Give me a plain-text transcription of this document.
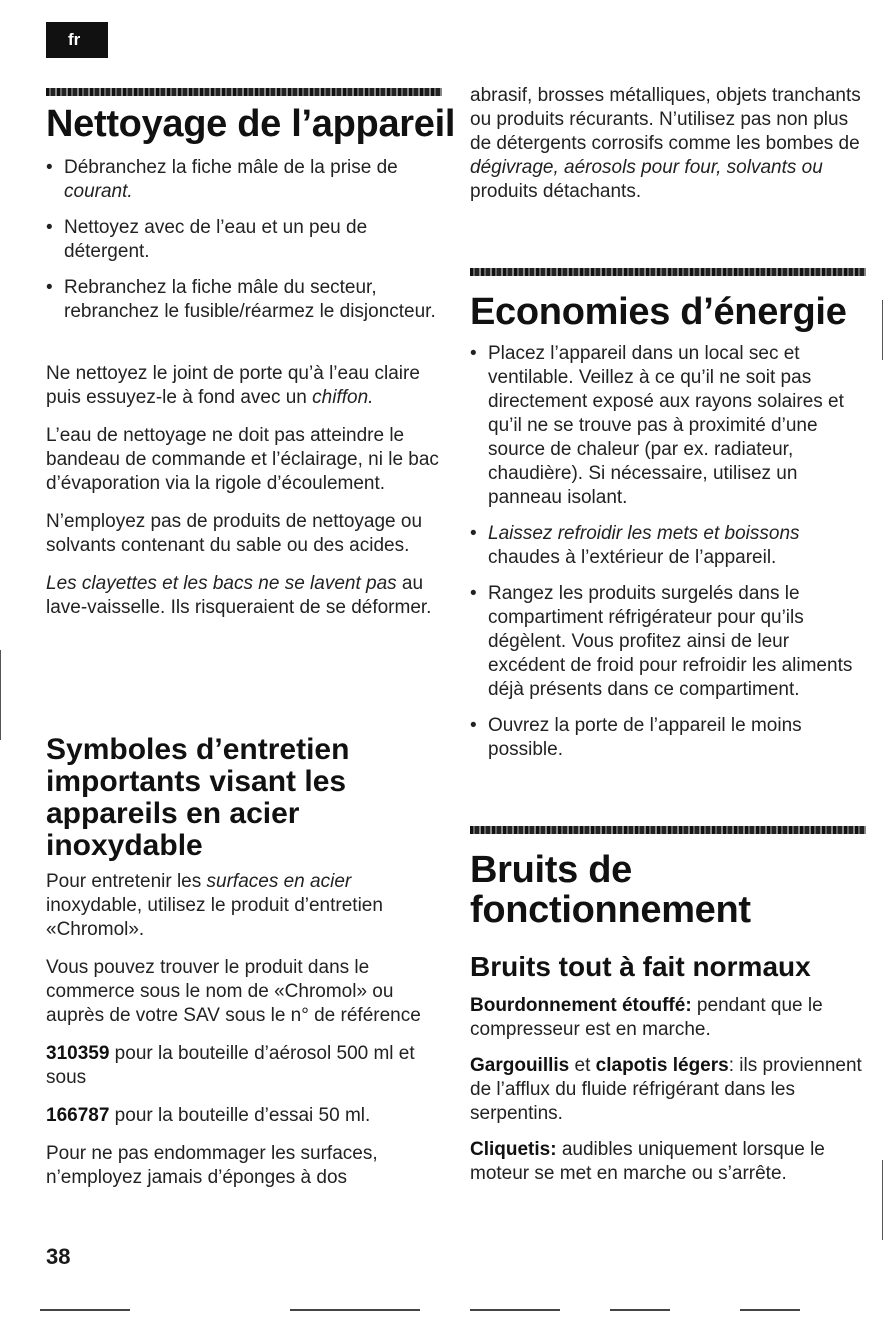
fr
Nettoyage de l’appareil

• Débranchez la fiche mâle de la prise de courant.

• Nettoyez avec de l’eau et un peu de détergent.

• Rebranchez la fiche mâle du secteur, rebranchez le fusible/réarmez le disjoncteur.

Ne nettoyez le joint de porte qu’à l’eau claire puis essuyez-le à fond avec un chiffon.

L’eau de nettoyage ne doit pas atteindre le bandeau de commande et l’éclairage, ni le bac d’évaporation via la rigole d’écoulement.

N’employez pas de produits de nettoyage ou solvants contenant du sable ou des acides.

Les clayettes et les bacs ne se lavent pas au lave-vaisselle. Ils risqueraient de se déformer.

Symboles d’entretien importants visant les appareils en acier inoxydable

Pour entretenir les surfaces en acier inoxydable, utilisez le produit d’entretien «Chromol».

Vous pouvez trouver le produit dans le commerce sous le nom de «Chromol» ou auprès de votre SAV sous le n° de référence

310359 pour la bouteille d’aérosol 500 ml et sous

166787 pour la bouteille d’essai 50 ml.

Pour ne pas endommager les surfaces, n’employez jamais d’éponges à dos

abrasif, brosses métalliques, objets tranchants ou produits récurants. N’utilisez pas non plus de détergents corrosifs comme les bombes de dégivrage, aérosols pour four, solvants ou produits détachants.

Economies d’énergie

• Placez l’appareil dans un local sec et ventilable. Veillez à ce qu’il ne soit pas directement exposé aux rayons solaires et qu’il ne se trouve pas à proximité d’une source de chaleur (par ex. radiateur, chaudière). Si nécessaire, utilisez un panneau isolant.

• Laissez refroidir les mets et boissons chaudes à l’extérieur de l’appareil.

• Rangez les produits surgelés dans le compartiment réfrigérateur pour qu’ils dégèlent. Vous profitez ainsi de leur excédent de froid pour refroidir les aliments déjà présents dans ce compartiment.

• Ouvrez la porte de l’appareil le moins possible.

Bruits de fonctionnement
Bruits tout à fait normaux

Bourdonnement étouffé: pendant que le compresseur est en marche.

Gargouillis et clapotis légers: ils proviennent de l’afflux du fluide réfrigérant dans les serpentins.

Cliquetis: audibles uniquement lorsque le moteur se met en marche ou s’arrête.

38
